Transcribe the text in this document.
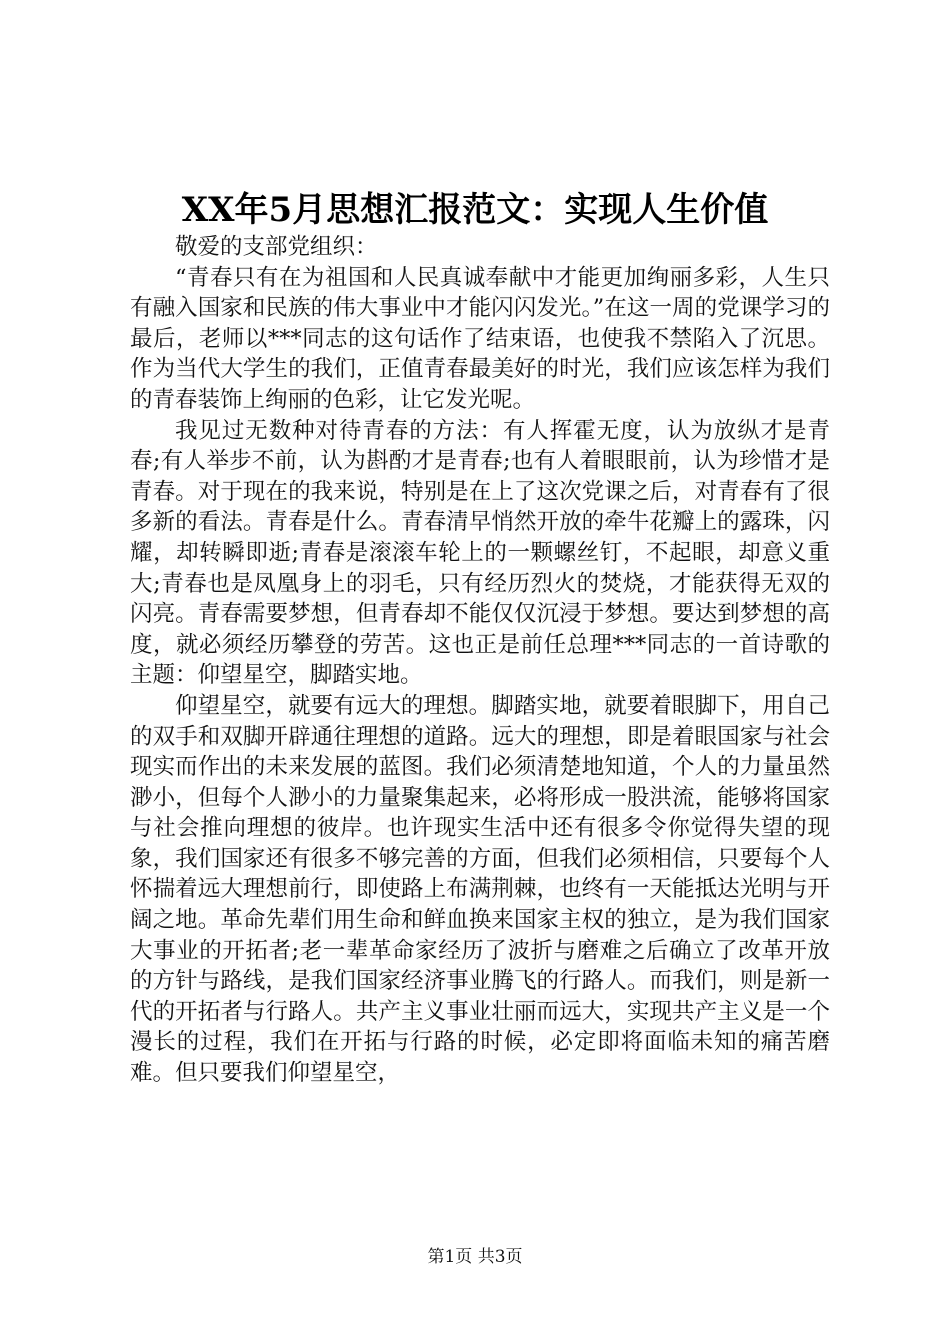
XX年5月思想汇报范文：实现人生价值

敬爱的支部党组织：

“青春只有在为祖国和人民真诚奉献中才能更加绚丽多彩，人生只有融入国家和民族的伟大事业中才能闪闪发光。”在这一周的党课学习的最后，老师以***同志的这句话作了结束语，也使我不禁陷入了沉思。作为当代大学生的我们，正值青春最美好的时光，我们应该怎样为我们的青春装饰上绚丽的色彩，让它发光呢。

我见过无数种对待青春的方法：有人挥霍无度，认为放纵才是青春;有人举步不前，认为斟酌才是青春;也有人着眼眼前，认为珍惜才是青春。对于现在的我来说，特别是在上了这次党课之后，对青春有了很多新的看法。青春是什么。青春清早悄然开放的牵牛花瓣上的露珠，闪耀，却转瞬即逝;青春是滚滚车轮上的一颗螺丝钉，不起眼，却意义重大;青春也是凤凰身上的羽毛，只有经历烈火的焚烧，才能获得无双的闪亮。青春需要梦想，但青春却不能仅仅沉浸于梦想。要达到梦想的高度，就必须经历攀登的劳苦。这也正是前任总理***同志的一首诗歌的主题：仰望星空，脚踏实地。

仰望星空，就要有远大的理想。脚踏实地，就要着眼脚下，用自己的双手和双脚开辟通往理想的道路。远大的理想，即是着眼国家与社会现实而作出的未来发展的蓝图。我们必须清楚地知道，个人的力量虽然渺小，但每个人渺小的力量聚集起来，必将形成一股洪流，能够将国家与社会推向理想的彼岸。也许现实生活中还有很多令你觉得失望的现象，我们国家还有很多不够完善的方面，但我们必须相信，只要每个人怀揣着远大理想前行，即使路上布满荆棘，也终有一天能抵达光明与开阔之地。革命先辈们用生命和鲜血换来国家主权的独立，是为我们国家大事业的开拓者;老一辈革命家经历了波折与磨难之后确立了改革开放的方针与路线，是我们国家经济事业腾飞的行路人。而我们，则是新一代的开拓者与行路人。共产主义事业壮丽而远大，实现共产主义是一个漫长的过程，我们在开拓与行路的时候，必定即将面临未知的痛苦磨难。但只要我们仰望星空，

第1页 共3页
